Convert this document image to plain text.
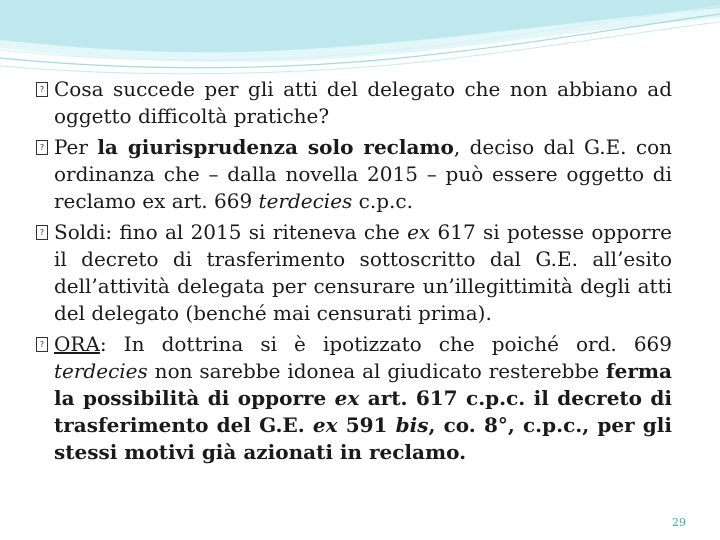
? Cosa succede per gli atti del delegato che non abbiano ad oggetto difficoltà pratiche?
? Per la giurisprudenza solo reclamo, deciso dal G.E. con ordinanza che – dalla novella 2015 – può essere oggetto di reclamo ex art. 669 terdecies c.p.c.
? Soldi: fino al 2015 si riteneva che ex 617 si potesse opporre il decreto di trasferimento sottoscritto dal G.E. all’esito dell’attività delegata per censurare un’illegittimità degli atti del delegato (benché mai censurati prima).
? ORA: In dottrina si è ipotizzato che poiché ord. 669 terdecies non sarebbe idonea al giudicato resterebbe ferma la possibilità di opporre ex art. 617 c.p.c. il decreto di trasferimento del G.E. ex 591 bis, co. 8°, c.p.c., per gli stessi motivi già azionati in reclamo.
29
